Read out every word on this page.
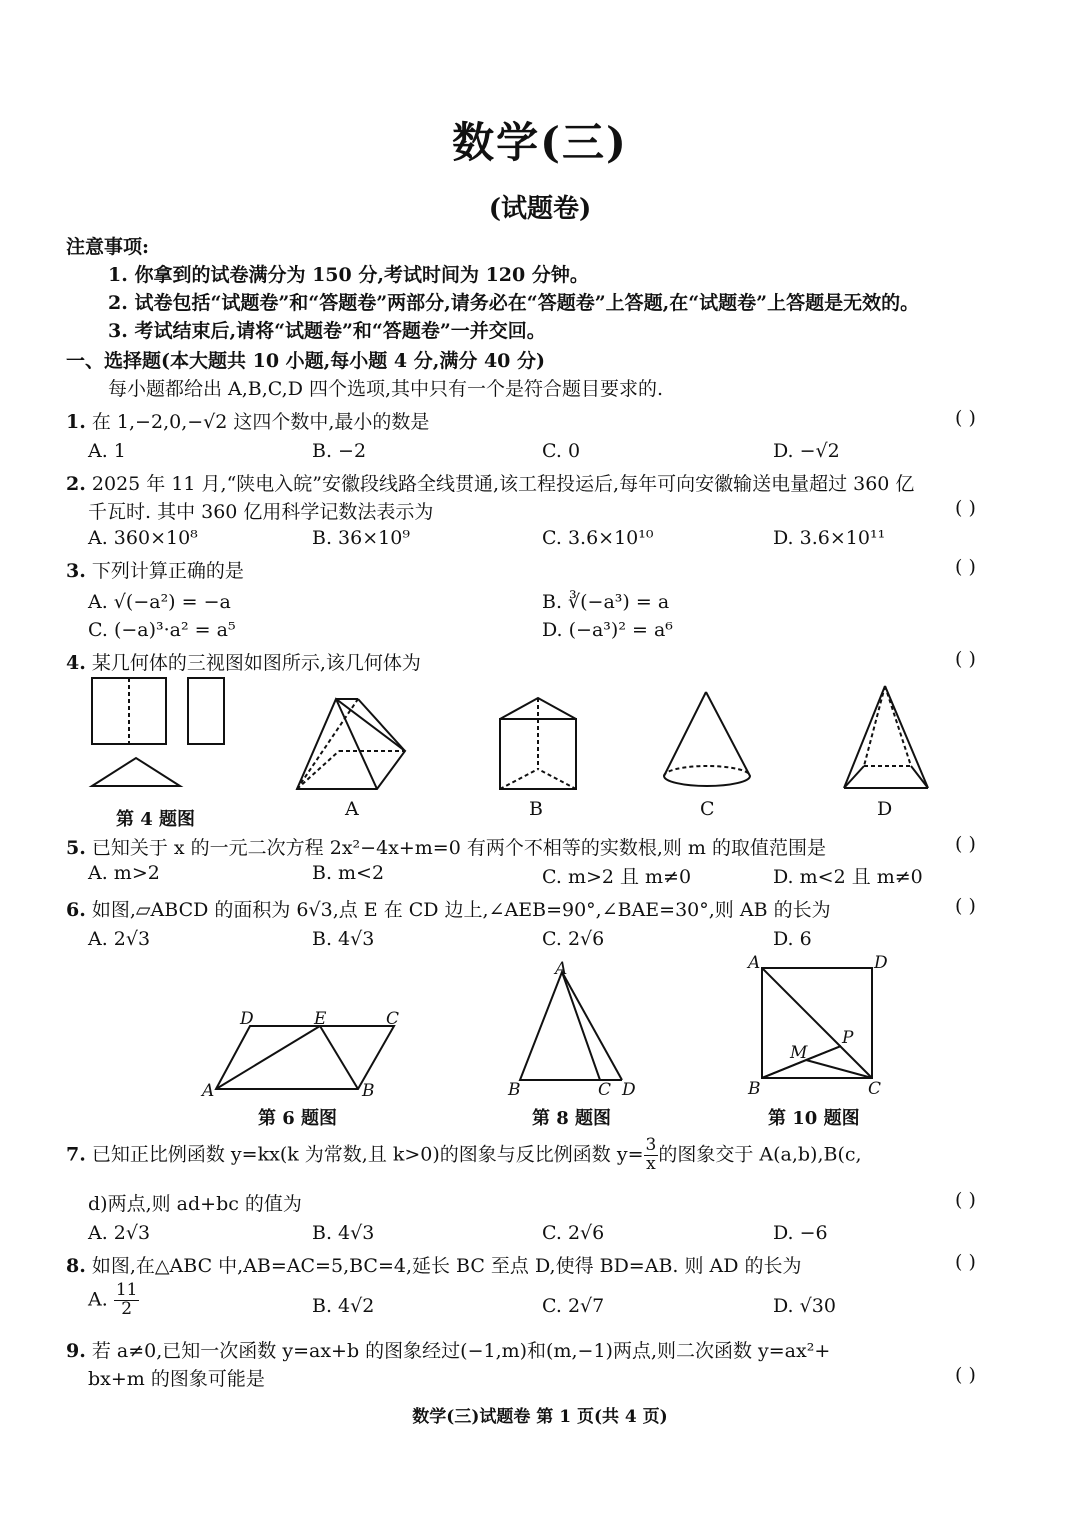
数学(三)
(试题卷)
注意事项:
1. 你拿到的试卷满分为 150 分,考试时间为 120 分钟。
2. 试卷包括“试题卷”和“答题卷”两部分,请务必在“答题卷”上答题,在“试题卷”上答题是无效的。
3. 考试结束后,请将“试题卷”和“答题卷”一并交回。
一、选择题(本大题共 10 小题,每小题 4 分,满分 40 分)
每小题都给出 A,B,C,D 四个选项,其中只有一个是符合题目要求的.
1. 在 1,−2,0,−√2 这四个数中,最小的数是	( )
A. 1	B. −2	C. 0	D. −√2
2. 2025 年 11 月,“陕电入皖”安徽段线路全线贯通,该工程投运后,每年可向安徽输送电量超过 360 亿
千瓦时. 其中 360 亿用科学记数法表示为	( )
A. 360×10⁸	B. 36×10⁹	C. 3.6×10¹⁰	D. 3.6×10¹¹
3. 下列计算正确的是	( )
A. √(−a²) = −a	B. ∛(−a³) = a
C. (−a)³·a² = a⁵	D. (−a³)² = a⁶
4. 某几何体的三视图如图所示,该几何体为	( )
第 4 题图	A	B	C	D
5. 已知关于 x 的一元二次方程 2x²−4x+m=0 有两个不相等的实数根,则 m 的取值范围是	( )
A. m>2	B. m<2	C. m>2 且 m≠0	D. m<2 且 m≠0
6. 如图,▱ABCD 的面积为 6√3,点 E 在 CD 边上,∠AEB=90°,∠BAE=30°,则 AB 的长为	( )
A. 2√3	B. 4√3	C. 2√6	D. 6
D	E	C
A	B
A
B	C D
A	D
P
M
B	C
第 6 题图	第 8 题图	第 10 题图
7. 已知正比例函数 y=kx(k 为常数,且 k>0)的图象与反比例函数 $y= \frac{3}{x}$ 的图象交于 A(a,b),B(c,
d)两点,则 ad+bc 的值为	( )
A. 2√3	B. 4√3	C. 2√6	D. −6
8. 如图,在△ABC 中,AB=AC=5,BC=4,延长 BC 至点 D,使得 BD=AB. 则 AD 的长为	( )
A. $\frac{11}{2}$	B. 4√2	C. 2√7	D. √30
9. 若 a≠0,已知一次函数 y=ax+b 的图象经过(−1,m)和(m,−1)两点,则二次函数 y=ax²+
bx+m 的图象可能是	( )
数学(三)试题卷 第 1 页(共 4 页)
